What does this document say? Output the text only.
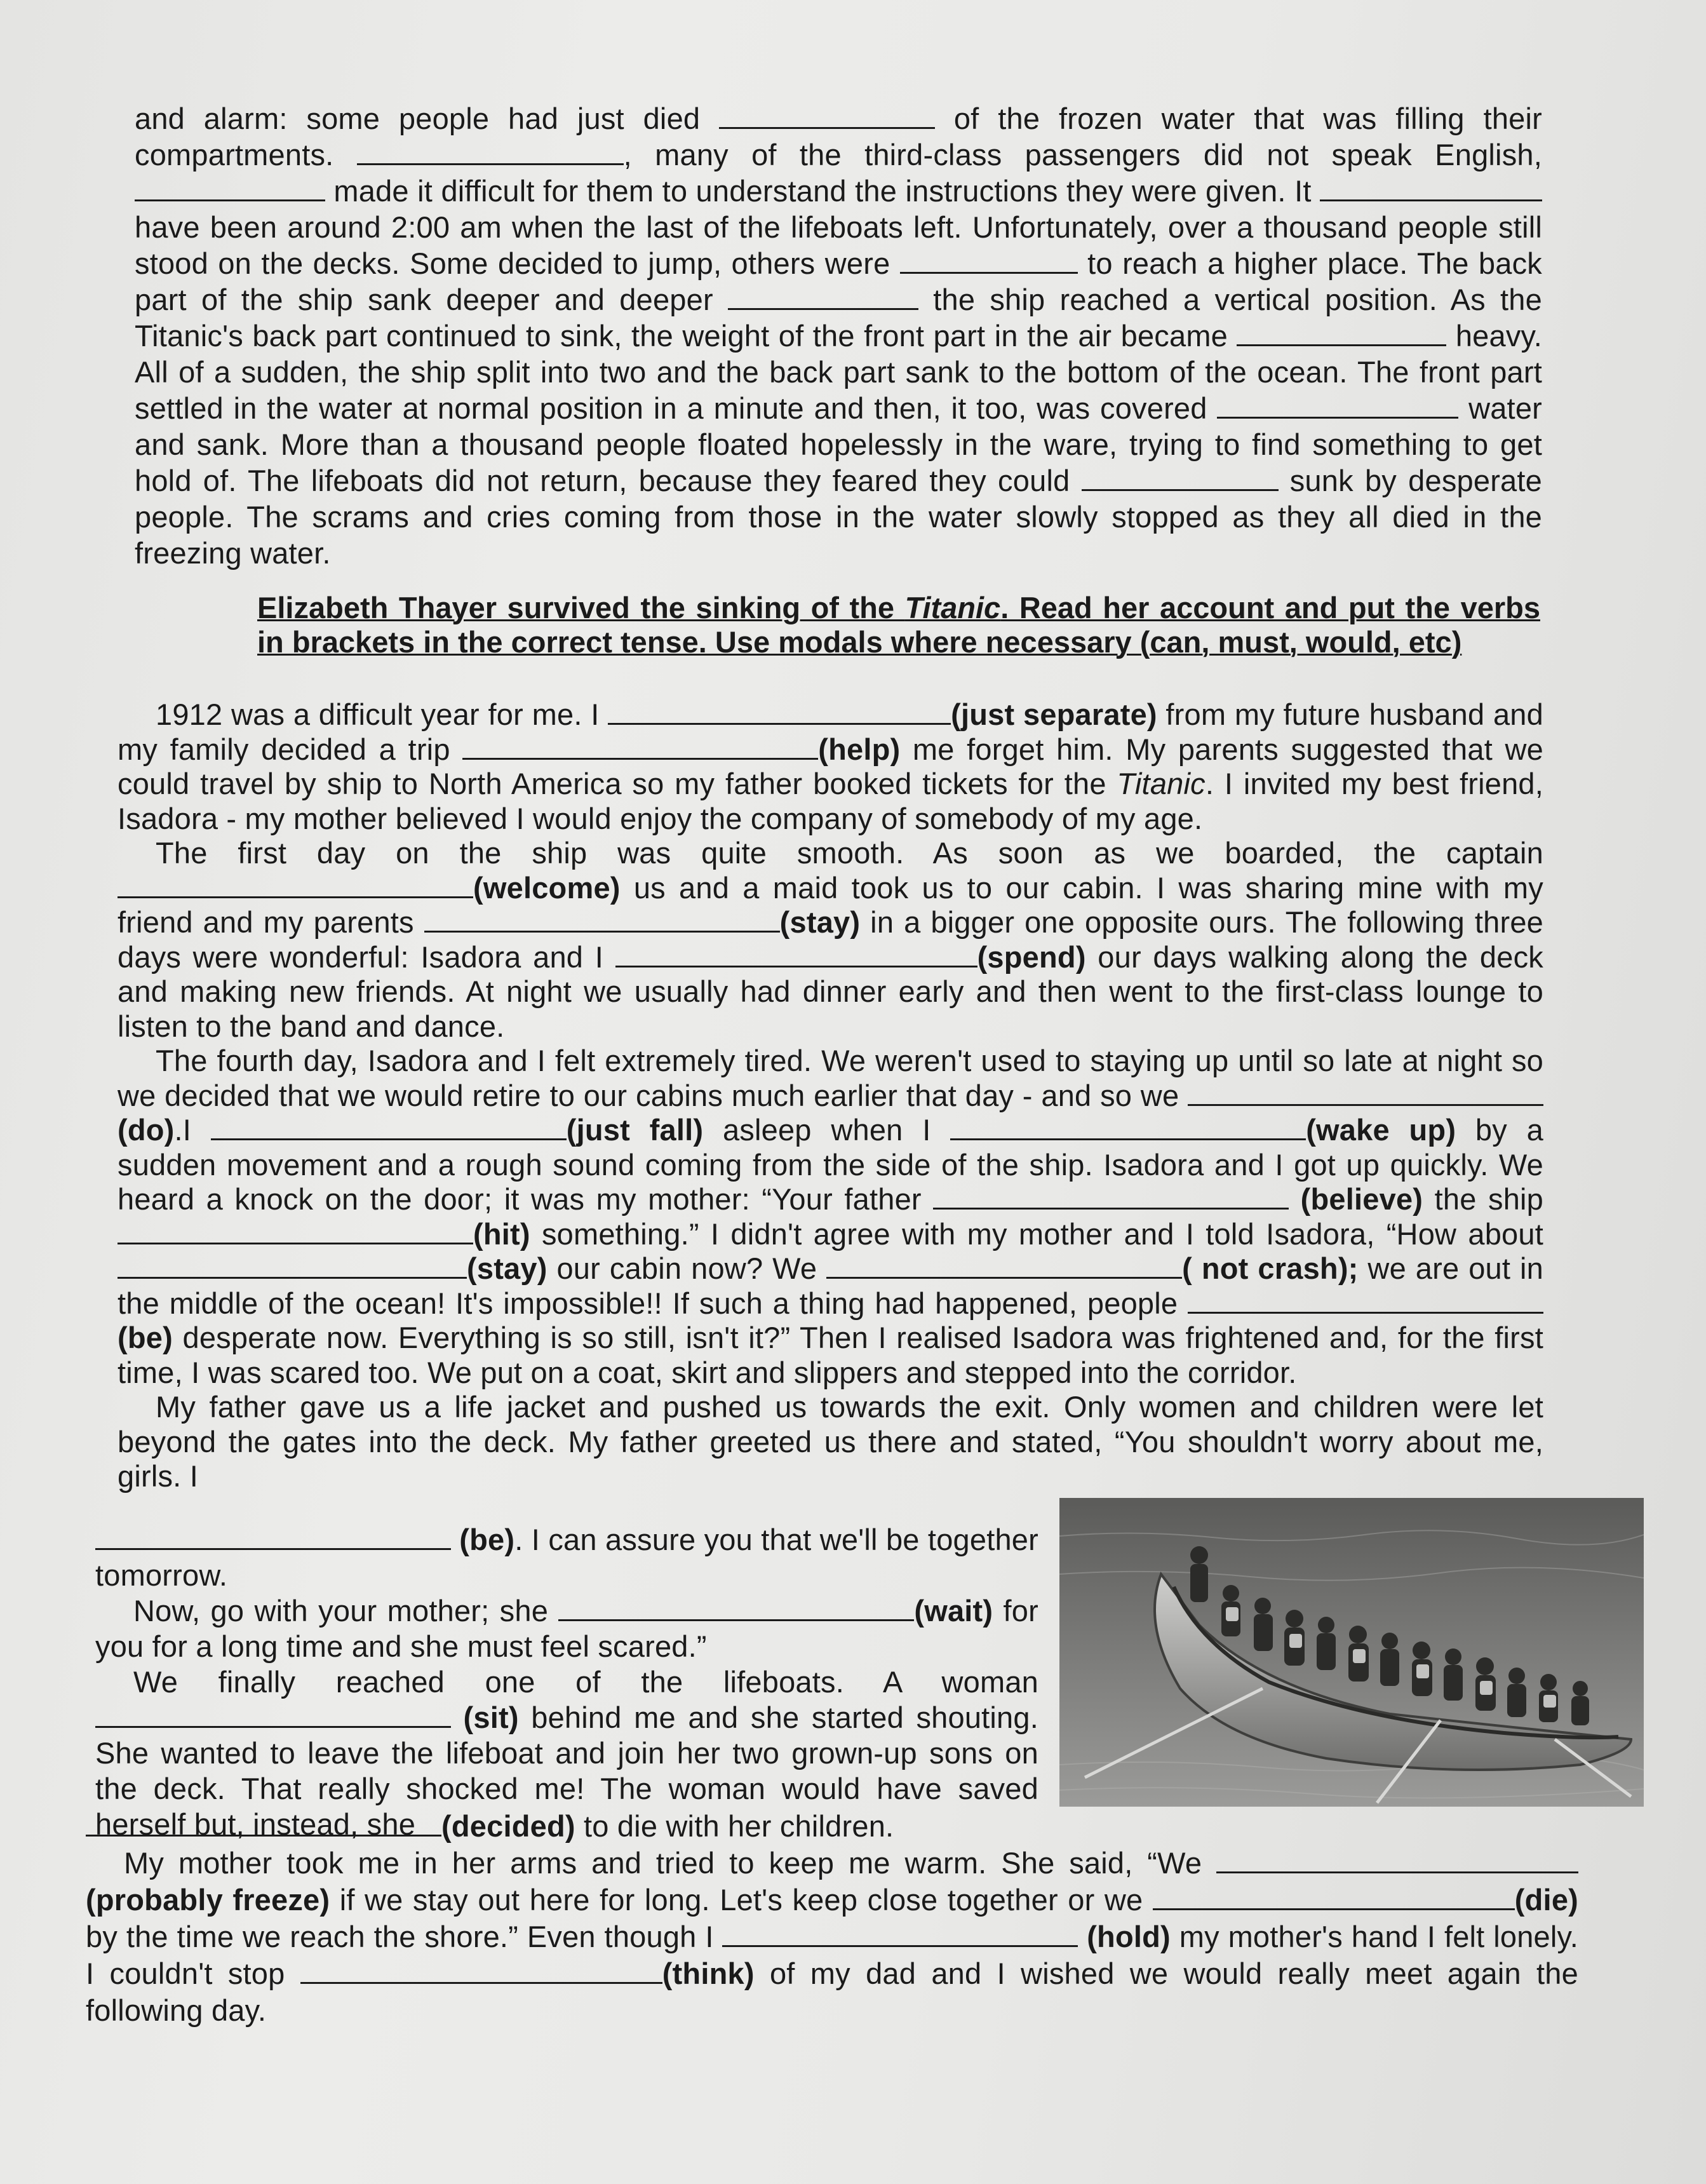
and alarm: some people had just died	of the frozen water that was filling their compartments.	, many of the third-class passengers did not speak English,  made it difficult for them to understand the instructions they were given. It  have been around 2:00 am when the last of the lifeboats left. Unfortunately, over a thousand people still stood on the decks. Some decided to jump, others were	to reach a higher place. The back part of the ship sank deeper and deeper	the ship reached a vertical position. As the Titanic's back part continued to sink, the weight of the front part in the air became	heavy. All of a sudden, the ship split into two and the back part sank to the bottom of the ocean. The front part settled in the water at normal position in a minute and then, it too, was covered	water and sank. More than a thousand people floated hopelessly in the ware, trying to find something to get hold of. The lifeboats did not return, because they feared they could	sunk by desperate people. The scrams and cries coming from those in the water slowly stopped as they all died in the freezing water.

Elizabeth Thayer survived the sinking of the Titanic. Read her account and put the verbs in brackets in the correct tense. Use modals where necessary (can, must, would, etc)

1912 was a difficult year for me. I	(just separate) from my future husband and my family decided a trip	(help) me forget him. My parents suggested that we could travel by ship to North America so my father booked tickets for the Titanic. I invited my best friend, Isadora - my mother believed I would enjoy the company of somebody of my age.

The first day on the ship was quite smooth. As soon as we boarded, the captain (welcome) us and a maid took us to our cabin. I was sharing mine with my friend and my parents	(stay) in a bigger one opposite ours. The following three days were wonderful: Isadora and I	(spend) our days walking along the deck and making new friends. At night we usually had dinner early and then went to the first-class lounge to listen to the band and dance.

The fourth day, Isadora and I felt extremely tired. We weren't used to staying up until so late at night so we decided that we would retire to our cabins much earlier that day - and so we (do).I	(just fall) asleep when I	(wake up) by a sudden movement and a rough sound coming from the side of the ship. Isadora and I got up quickly. We heard a knock on the door; it was my mother: “Your father	(believe) the ship (hit) something.” I didn't agree with my mother and I told Isadora, “How about (stay) our cabin now? We	( not crash); we are out in the middle of the ocean! It's impossible!! If such a thing had happened, people (be) desperate now. Everything is so still, isn't it?” Then I realised Isadora was frightened and, for the first time, I was scared too. We put on a coat, skirt and slippers and stepped into the corridor.

My father gave us a life jacket and pushed us towards the exit. Only women and children were let beyond the gates into the deck. My father greeted us there and stated, “You shouldn't worry about me, girls. I

(be). I can assure you that we'll be together tomorrow.

Now, go with your mother; she	(wait) for you for a long time and she must feel scared.”

We finally reached one of the lifeboats. A woman  (sit) behind me and she started shouting. She wanted to leave the lifeboat and join her two grown-up sons on the deck. That really shocked me! The woman would have saved herself but, instead, she (decided) to die with her children.

My mother took me in her arms and tried to keep me warm. She said, “We (probably freeze) if we stay out here for long. Let's keep close together or we	(die) by the time we reach the shore.” Even though I	(hold) my mother's hand I felt lonely. I couldn't stop	(think) of my dad and I wished we would really meet again the following day.
